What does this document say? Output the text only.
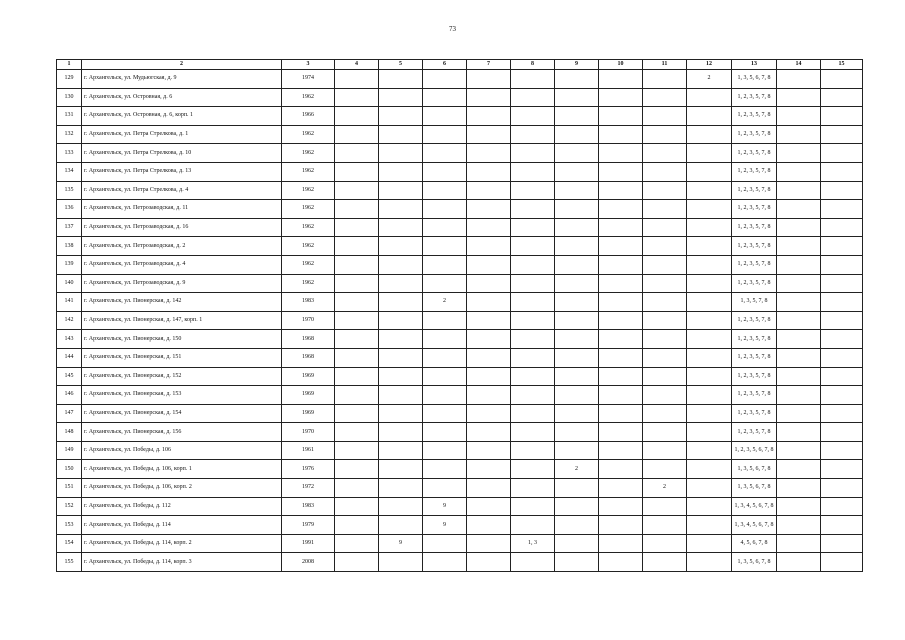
73
1	2	3	4	5	6	7	8	9	10	11	12	13	14	15
129	г. Архангельск, ул. Мудьюгская, д. 9	1974									2	1, 3, 5, 6, 7, 8		
130	г. Архангельск, ул. Островная, д. 6	1962										1, 2, 3, 5, 7, 8		
131	г. Архангельск, ул. Островная, д. 6, корп. 1	1966										1, 2, 3, 5, 7, 8		
132	г. Архангельск, ул. Петра Стрелкова, д. 1	1962										1, 2, 3, 5, 7, 8		
133	г. Архангельск, ул. Петра Стрелкова, д. 10	1962										1, 2, 3, 5, 7, 8		
134	г. Архангельск, ул. Петра Стрелкова, д. 13	1962										1, 2, 3, 5, 7, 8		
135	г. Архангельск, ул. Петра Стрелкова, д. 4	1962										1, 2, 3, 5, 7, 8		
136	г. Архангельск, ул. Петрозаводская, д. 11	1962										1, 2, 3, 5, 7, 8		
137	г. Архангельск, ул. Петрозаводская, д. 16	1962										1, 2, 3, 5, 7, 8		
138	г. Архангельск, ул. Петрозаводская, д. 2	1962										1, 2, 3, 5, 7, 8		
139	г. Архангельск, ул. Петрозаводская, д. 4	1962										1, 2, 3, 5, 7, 8		
140	г. Архангельск, ул. Петрозаводская, д. 9	1962										1, 2, 3, 5, 7, 8		
141	г. Архангельск, ул. Пионерская, д. 142	1983			2							1, 3, 5, 7, 8		
142	г. Архангельск, ул. Пионерская, д. 147, корп. 1	1970										1, 2, 3, 5, 7, 8		
143	г. Архангельск, ул. Пионерская, д. 150	1968										1, 2, 3, 5, 7, 8		
144	г. Архангельск, ул. Пионерская, д. 151	1968										1, 2, 3, 5, 7, 8		
145	г. Архангельск, ул. Пионерская, д. 152	1969										1, 2, 3, 5, 7, 8		
146	г. Архангельск, ул. Пионерская, д. 153	1969										1, 2, 3, 5, 7, 8		
147	г. Архангельск, ул. Пионерская, д. 154	1969										1, 2, 3, 5, 7, 8		
148	г. Архангельск, ул. Пионерская, д. 156	1970										1, 2, 3, 5, 7, 8		
149	г. Архангельск, ул. Победы, д. 106	1961										1, 2, 3, 5, 6, 7, 8		
150	г. Архангельск, ул. Победы, д. 106, корп. 1	1976						2				1, 3, 5, 6, 7, 8		
151	г. Архангельск, ул. Победы, д. 106, корп. 2	1972								2		1, 3, 5, 6, 7, 8		
152	г. Архангельск, ул. Победы, д. 112	1983			9							1, 3, 4, 5, 6, 7, 8		
153	г. Архангельск, ул. Победы, д. 114	1979			9							1, 3, 4, 5, 6, 7, 8		
154	г. Архангельск, ул. Победы, д. 114, корп. 2	1991		9			1, 3					4, 5, 6, 7, 8		
155	г. Архангельск, ул. Победы, д. 114, корп. 3	2008										1, 3, 5, 6, 7, 8		
